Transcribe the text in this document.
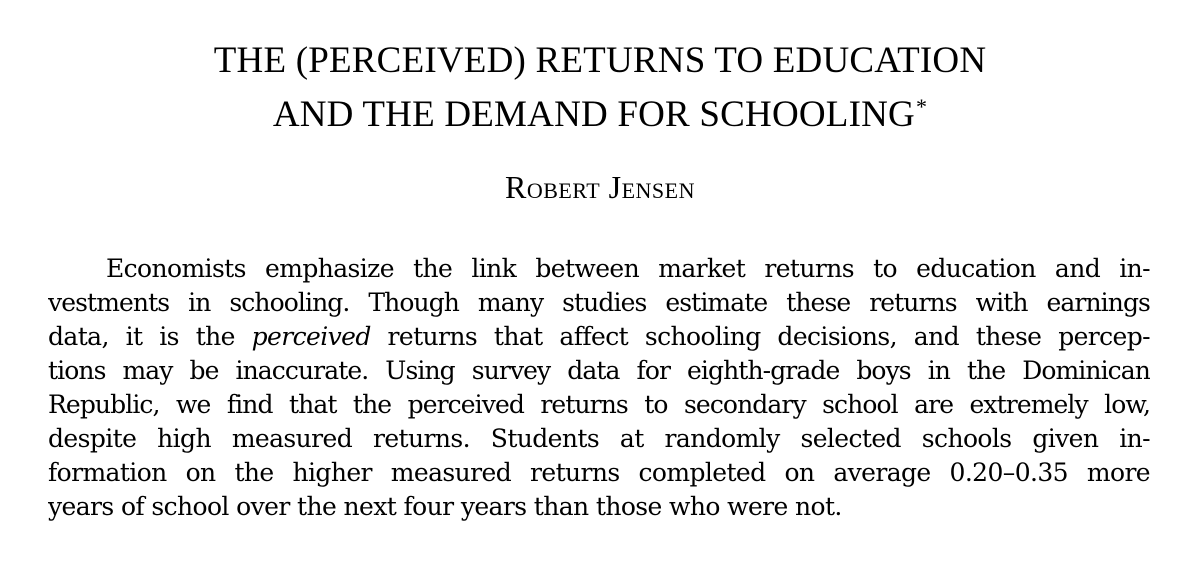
THE (PERCEIVED) RETURNS TO EDUCATION
AND THE DEMAND FOR SCHOOLING*
Robert Jensen
Economists emphasize the link between market returns to education and in-
vestments in schooling. Though many studies estimate these returns with earnings
data, it is the perceived returns that affect schooling decisions, and these percep-
tions may be inaccurate. Using survey data for eighth-grade boys in the Dominican
Republic, we find that the perceived returns to secondary school are extremely low,
despite high measured returns. Students at randomly selected schools given in-
formation on the higher measured returns completed on average 0.20–0.35 more
years of school over the next four years than those who were not.
